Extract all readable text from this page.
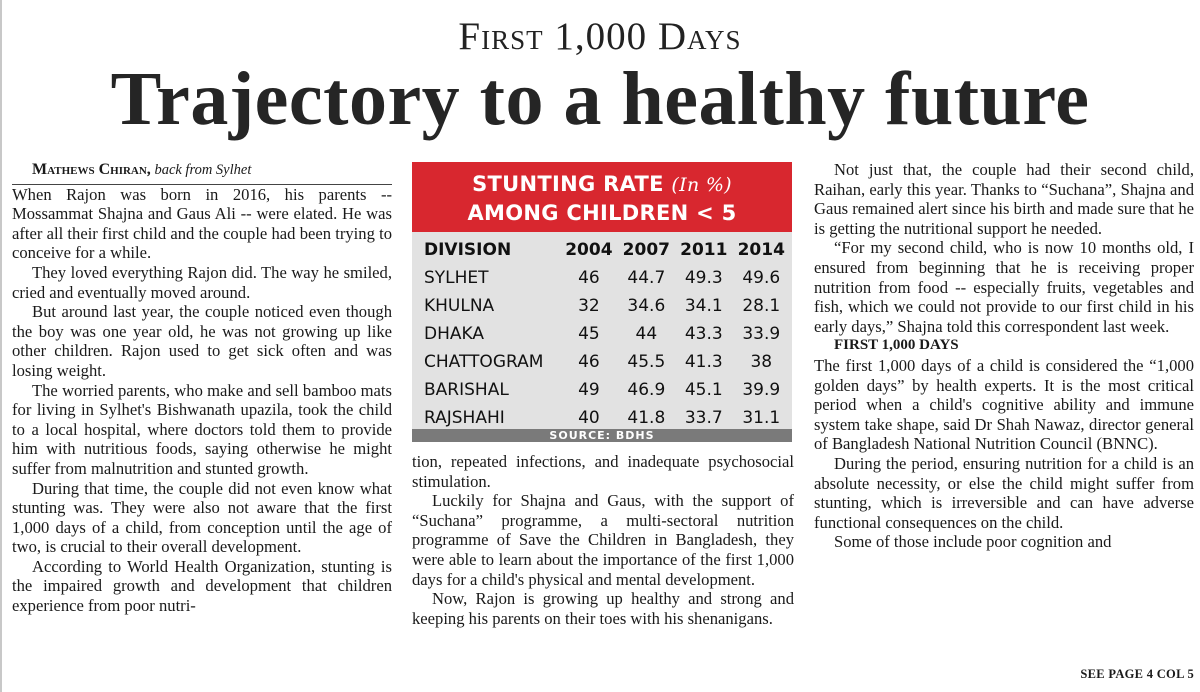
First 1,000 Days
Trajectory to a healthy future

Mathews Chiran, back from Sylhet

When Rajon was born in 2016, his parents -- Mossammat Shajna and Gaus Ali -- were elated. He was after all their first child and the couple had been trying to conceive for a while.

They loved everything Rajon did. The way he smiled, cried and eventually moved around.

But around last year, the couple noticed even though the boy was one year old, he was not growing up like other children. Rajon used to get sick often and was losing weight.

The worried parents, who make and sell bamboo mats for living in Sylhet's Bishwanath upazila, took the child to a local hospital, where doctors told them to provide him with nutritious foods, saying otherwise he might suffer from malnutrition and stunted growth.

During that time, the couple did not even know what stunting was. They were also not aware that the first 1,000 days of a child, from conception until the age of two, is crucial to their overall development.

According to World Health Organization, stunting is the impaired growth and development that children experience from poor nutri-

STUNTING RATE (In %)
AMONG CHILDREN < 5
DIVISION	2004	2007	2011	2014
SYLHET	46	44.7	49.3	49.6
KHULNA	32	34.6	34.1	28.1
DHAKA	45	44	43.3	33.9
CHATTOGRAM	46	45.5	41.3	38
BARISHAL	49	46.9	45.1	39.9
RAJSHAHI	40	41.8	33.7	31.1
SOURCE: BDHS

tion, repeated infections, and inadequate psychosocial stimulation.

Luckily for Shajna and Gaus, with the support of “Suchana” programme, a multi-sectoral nutrition programme of Save the Children in Bangladesh, they were able to learn about the importance of the first 1,000 days for a child's physical and mental development.

Now, Rajon is growing up healthy and strong and keeping his parents on their toes with his shenanigans.

Not just that, the couple had their second child, Raihan, early this year. Thanks to “Suchana”, Shajna and Gaus remained alert since his birth and made sure that he is getting the nutritional support he needed.

“For my second child, who is now 10 months old, I ensured from beginning that he is receiving proper nutrition from food -- especially fruits, vegetables and fish, which we could not provide to our first child in his early days,” Shajna told this correspondent last week.

FIRST 1,000 DAYS

The first 1,000 days of a child is considered the “1,000 golden days” by health experts. It is the most critical period when a child's cognitive ability and immune system take shape, said Dr Shah Nawaz, director general of Bangladesh National Nutrition Council (BNNC).

During the period, ensuring nutrition for a child is an absolute necessity, or else the child might suffer from stunting, which is irreversible and can have adverse functional consequences on the child.

Some of those include poor cognition and

SEE PAGE 4 COL 5
